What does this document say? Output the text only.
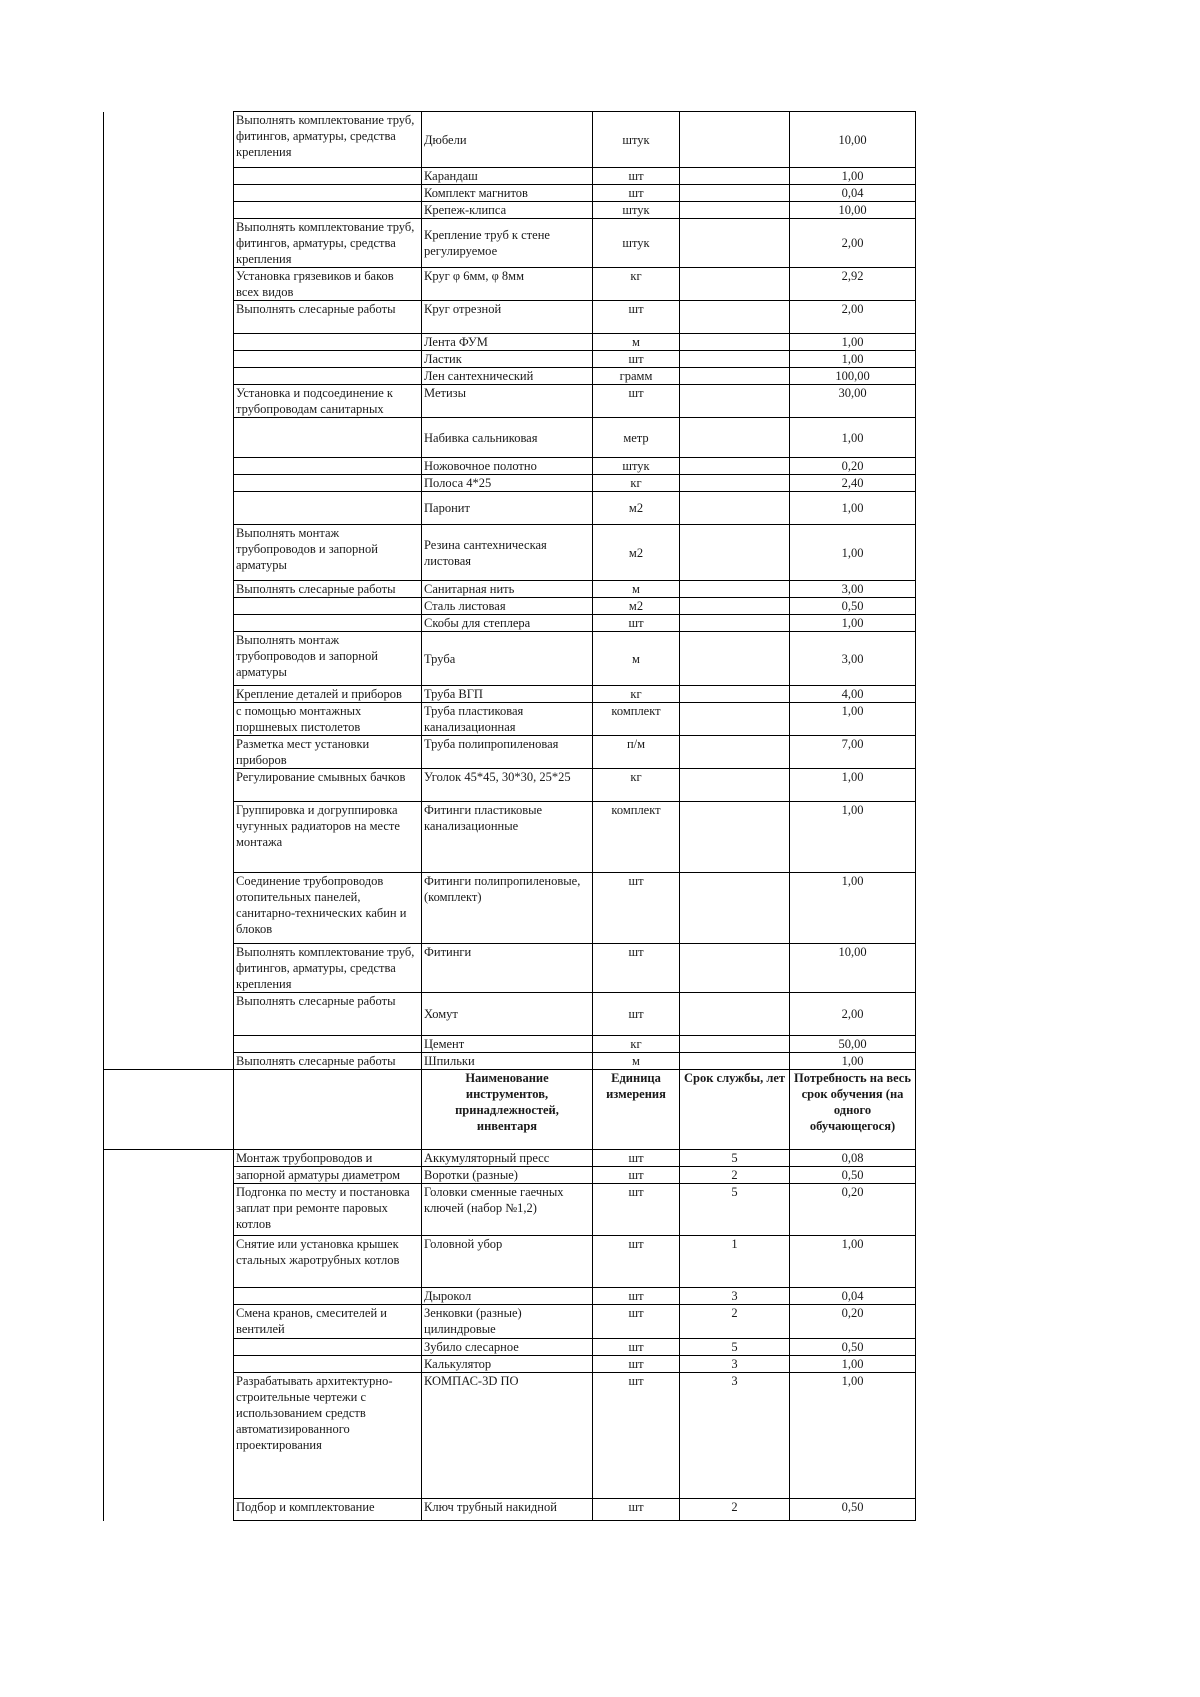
	Выполнять комплектование труб, фитингов, арматуры, средства крепления	Дюбели	штук		10,00
		Карандаш	шт		1,00
		Комплект магнитов	шт		0,04
		Крепеж-клипса	штук		10,00
	Выполнять комплектование труб, фитингов, арматуры, средства крепления	Крепление труб к стене регулируемое	штук		2,00
	Установка грязевиков и баков всех видов	Круг φ 6мм, φ 8мм	кг		2,92
	Выполнять слесарные работы	Круг отрезной	шт		2,00
		Лента ФУМ	м		1,00
		Ластик	шт		1,00
		Лен сантехнический	грамм		100,00
	Установка и подсоединение к трубопроводам санитарных	Метизы	шт		30,00
		Набивка сальниковая	метр		1,00
		Ножовочное полотно	штук		0,20
		Полоса 4*25	кг		2,40
		Паронит	м2		1,00
	Выполнять монтаж трубопроводов и запорной арматуры	Резина сантехническая листовая	м2		1,00
	Выполнять слесарные работы	Санитарная нить	м		3,00
		Сталь листовая	м2		0,50
		Скобы для степлера	шт		1,00
	Выполнять монтаж трубопроводов и запорной арматуры	Труба	м		3,00
	Крепление деталей и приборов	Труба ВГП	кг		4,00
	с помощью монтажных поршневых пистолетов	Труба пластиковая канализационная	комплект		1,00
	Разметка мест установки приборов	Труба полипропиленовая	п/м		7,00
	Регулирование смывных бачков	Уголок 45*45, 30*30, 25*25	кг		1,00
	Группировка и догруппировка чугунных радиаторов на месте монтажа	Фитинги пластиковые канализационные	комплект		1,00
	Соединение трубопроводов отопительных панелей, санитарно-технических кабин и блоков	Фитинги полипропиленовые, (комплект)	шт		1,00
	Выполнять комплектование труб, фитингов, арматуры, средства крепления	Фитинги	шт		10,00
	Выполнять слесарные работы	Хомут	шт		2,00
		Цемент	кг		50,00
	Выполнять слесарные работы	Шпильки	м		1,00
		Наименование инструментов, принадлежностей, инвентаря	Единица измерения	Срок службы, лет	Потребность на весь срок обучения (на одного обучающегося)
	Монтаж трубопроводов и	Аккумуляторный пресс	шт	5	0,08
	запорной арматуры диаметром	Воротки (разные)	шт	2	0,50
	Подгонка по месту и постановка заплат при ремонте паровых котлов	Головки сменные гаечных ключей (набор №1,2)	шт	5	0,20
	Снятие или установка крышек стальных жаротрубных котлов	Головной убор	шт	1	1,00
		Дырокол	шт	3	0,04
	Смена кранов, смесителей и вентилей	Зенковки (разные) цилиндровые	шт	2	0,20
		Зубило слесарное	шт	5	0,50
		Калькулятор	шт	3	1,00
	Разрабатывать архитектурно-строительные чертежи с использованием средств автоматизированного проектирования	КОМПАС-3D ПО	шт	3	1,00
	Подбор и комплектование	Ключ трубный накидной	шт	2	0,50
